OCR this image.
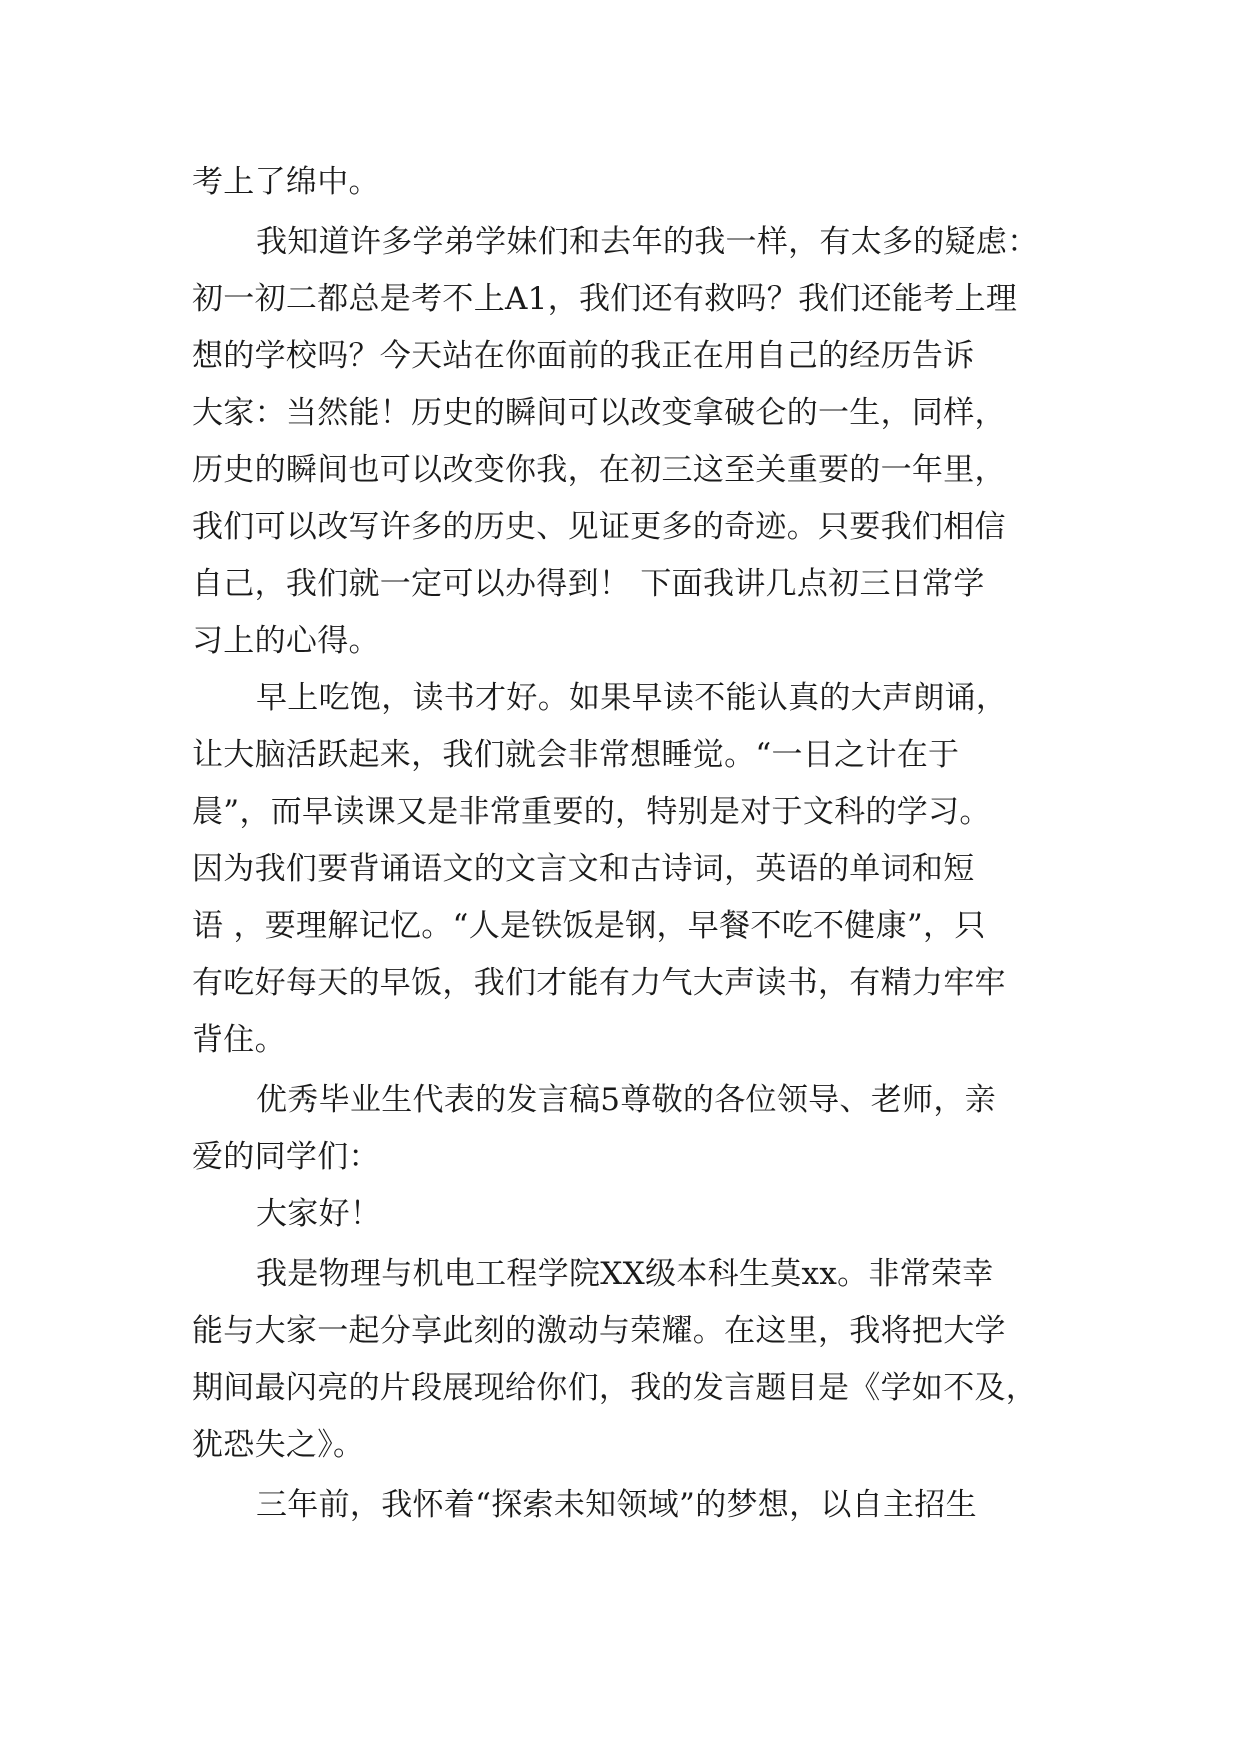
考上了绵中。

我知道许多学弟学妹们和去年的我一样，有太多的疑虑：

初一初二都总是考不上A1，我们还有救吗？我们还能考上理

想的学校吗？今天站在你面前的我正在用自己的经历告诉

大家：当然能！历史的瞬间可以改变拿破仑的一生，同样，

历史的瞬间也可以改变你我，在初三这至关重要的一年里，

我们可以改写许多的历史、见证更多的奇迹。只要我们相信

自己，我们就一定可以办得到！ 下面我讲几点初三日常学

习上的心得。

早上吃饱，读书才好。如果早读不能认真的大声朗诵，

让大脑活跃起来，我们就会非常想睡觉。“一日之计在于

晨”，而早读课又是非常重要的，特别是对于文科的学习。

因为我们要背诵语文的文言文和古诗词，英语的单词和短

语 ，要理解记忆。“人是铁饭是钢，早餐不吃不健康”，只

有吃好每天的早饭，我们才能有力气大声读书，有精力牢牢

背住。

优秀毕业生代表的发言稿5尊敬的各位领导、老师，亲

爱的同学们：

大家好！

我是物理与机电工程学院XX级本科生莫xx。非常荣幸

能与大家一起分享此刻的激动与荣耀。在这里，我将把大学

期间最闪亮的片段展现给你们，我的发言题目是《学如不及，

犹恐失之》。

三年前，我怀着“探索未知领域”的梦想，以自主招生
